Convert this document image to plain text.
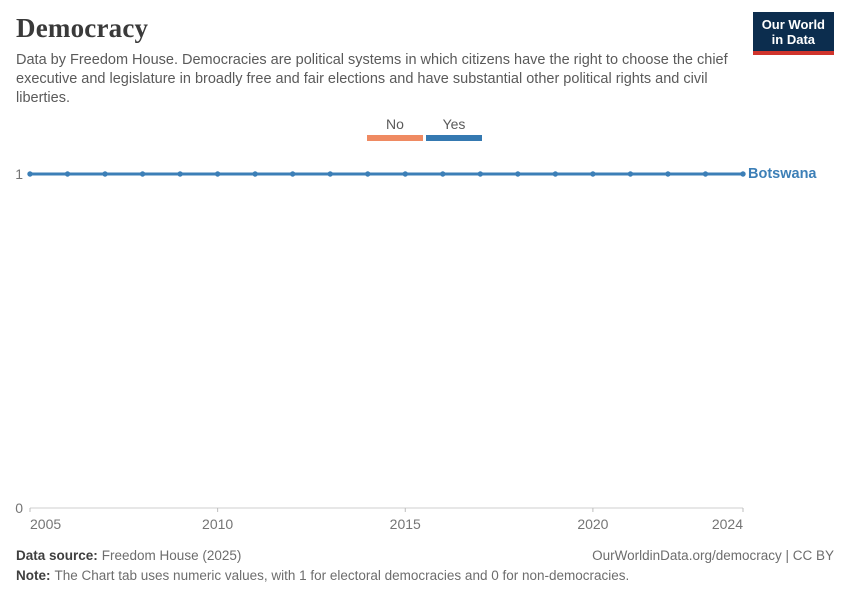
Democracy	Our World
in Data

Data by Freedom House. Democracies are political systems in which citizens have the right to choose the chief executive and legislature in broadly free and fair elections and have substantial other political rights and civil liberties.

No	Yes
2005	2010	2015	2020	2024
0
1	Botswana
Data source: Freedom House (2025)
Note: The Chart tab uses numeric values, with 1 for electoral democracies and 0 for non-democracies.
OurWorldinData.org/democracy | CC BY
